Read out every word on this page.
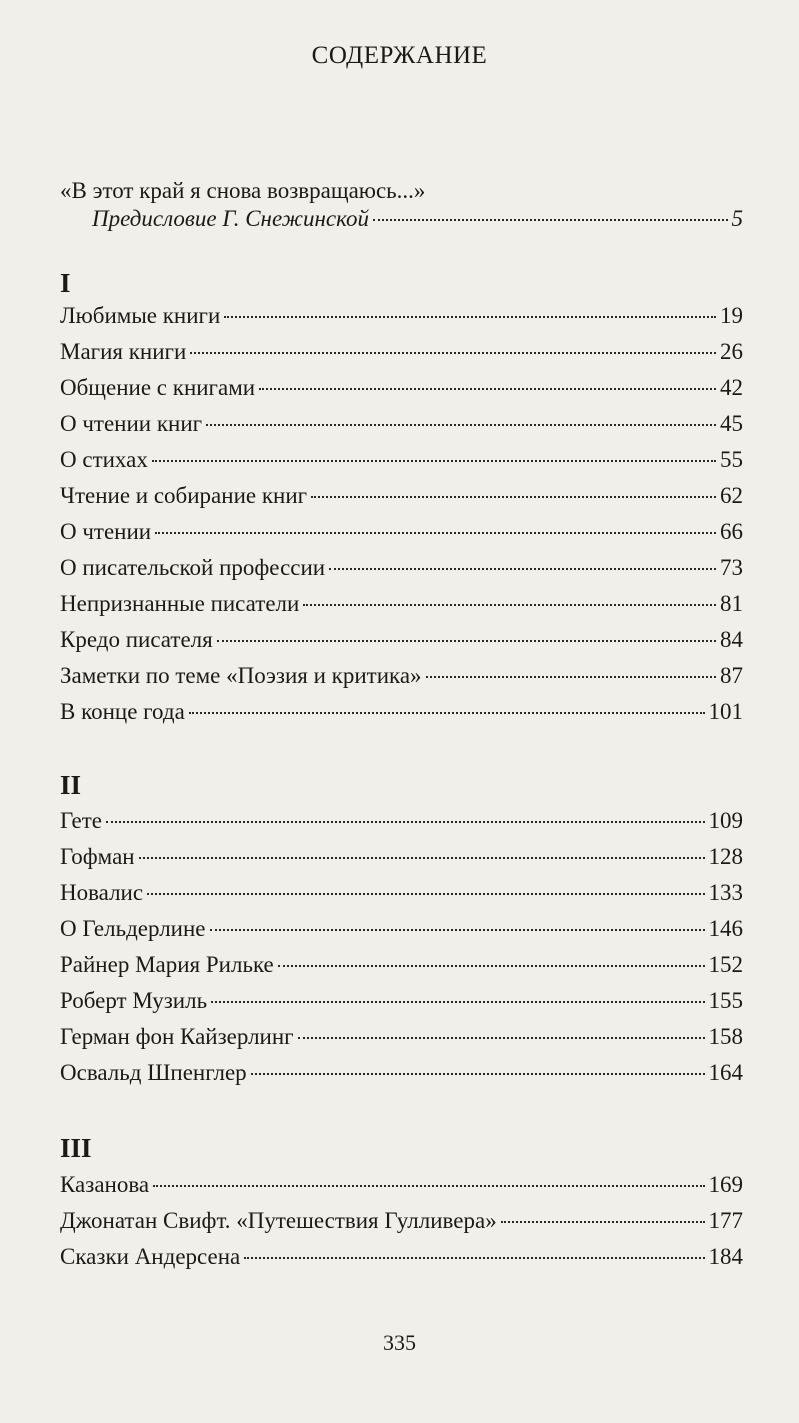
СОДЕРЖАНИЕ
«В этот край я снова возвращаюсь...»
Предисловие Г. Снежинской	5
I
Любимые книги	19
Магия книги	26
Общение с книгами	42
О чтении книг	45
О стихах	55
Чтение и собирание книг	62
О чтении	66
О писательской профессии	73
Непризнанные писатели	81
Кредо писателя	84
Заметки по теме «Поэзия и критика»	87
В конце года	101
II
Гете	109
Гофман	128
Новалис	133
О Гельдерлине	146
Райнер Мария Рильке	152
Роберт Музиль	155
Герман фон Кайзерлинг	158
Освальд Шпенглер	164
III
Казанова	169
Джонатан Свифт. «Путешествия Гулливера»	177
Сказки Андерсена	184
335
